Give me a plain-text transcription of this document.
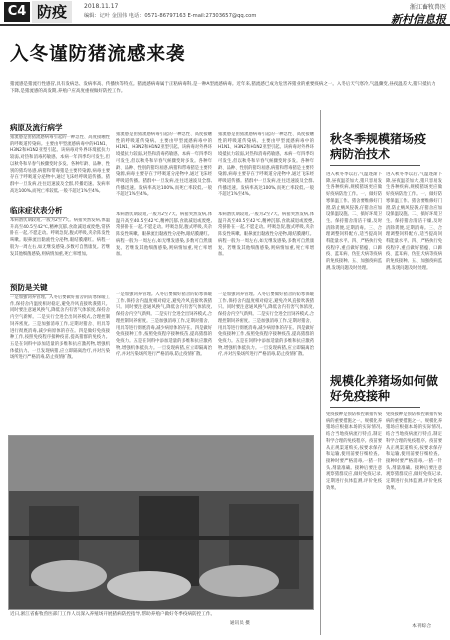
C4 防疫	2018.11.17
编辑：记叶 金国伟 电话：0571-86797163 E-mail:27303657@qq.com
浙江畜牧兽医
新村信息报
入冬谨防猪流感来袭
猪流感是猪流行性感冒,具有发病急、发病率高、传播快等特点。猪流感病毒属于正粘病毒科,是一种A型流感病毒。近年来,猪流感已成为危害养猪业的重要疫病之一。入冬后天气寒冷,气温骤变,昼夜温差大,猪只抵抗力下降,是猪流感的高发期,养殖户应高度重视做好防控工作。
病原及流行病学
猪流感是由猪流感病毒引起的一种急性、高度接触性的呼吸道传染病。主要由甲型流感病毒中的H1N1、H3N2和H1N2亚型引起。该病毒对外界环境抵抗力较弱,对热和消毒药敏感。本病一年四季均可发生,但以秋冬和早春气候骤变时多发。各种年龄、品种、性别的猪均易感,病猪和带毒猪是主要传染源,病毒主要存在于呼吸道分泌物中,通过飞沫经呼吸道传播。猪群中一旦发病,往往迅速波及全群,传播迅速。发病率高达100%,而死亡率较低,一般不超过1%至4%。
猪流感是由猪流感病毒引起的一种急性、高度接触性的呼吸道传染病。主要由甲型流感病毒中的H1N1、H3N2和H1N2亚型引起。该病毒对外界环境抵抗力较弱,对热和消毒药敏感。本病一年四季均可发生,但以秋冬和早春气候骤变时多发。各种年龄、品种、性别的猪均易感,病猪和带毒猪是主要传染源,病毒主要存在于呼吸道分泌物中,通过飞沫经呼吸道传播。猪群中一旦发病,往往迅速波及全群,传播迅速。发病率高达100%,而死亡率较低,一般不超过1%至4%。
猪流感是由猪流感病毒引起的一种急性、高度接触性的呼吸道传染病。主要由甲型流感病毒中的H1N1、H3N2和H1N2亚型引起。该病毒对外界环境抵抗力较弱,对热和消毒药敏感。本病一年四季均可发生,但以秋冬和早春气候骤变时多发。各种年龄、品种、性别的猪均易感,病猪和带毒猪是主要传染源,病毒主要存在于呼吸道分泌物中,通过飞沫经呼吸道传播。猪群中一旦发病,往往迅速波及全群,传播迅速。发病率高达100%,而死亡率较低,一般不超过1%至4%。
临床症状表分析
本病潜伏期较短,一般为2至7天。病猪突然发病,体温升高至40.5至42℃,精神沉郁,食欲减退或废绝,常挤卧在一起,不愿走动。呼吸急促,腹式呼吸,夹杂阵发性咳嗽。眼鼻流出黏液性分泌物,眼结膜潮红。病程一般为一周左右,如无继发感染,多数可自然康复。若继发其他细菌感染,则病情加重,死亡率增加。
本病潜伏期较短,一般为2至7天。病猪突然发病,体温升高至40.5至42℃,精神沉郁,食欲减退或废绝,常挤卧在一起,不愿走动。呼吸急促,腹式呼吸,夹杂阵发性咳嗽。眼鼻流出黏液性分泌物,眼结膜潮红。病程一般为一周左右,如无继发感染,多数可自然康复。若继发其他细菌感染,则病情加重,死亡率增加。
本病潜伏期较短,一般为2至7天。病猪突然发病,体温升高至40.5至42℃,精神沉郁,食欲减退或废绝,常挤卧在一起,不愿走动。呼吸急促,腹式呼吸,夹杂阵发性咳嗽。眼鼻流出黏液性分泌物,眼结膜潮红。病程一般为一周左右,如无继发感染,多数可自然康复。若继发其他细菌感染,则病情加重,死亡率增加。
预防是关键
一是加强饲养管理。入冬后要做好猪舍的防寒保暖工作,保持舍内温度相对稳定,避免冷风直接吹袭猪只。同时要注意通风换气,降低舍内有害气体浓度,保持舍内空气新鲜。二是实行全进全出饲养模式,合理控制饲养密度。三是加强消毒工作,定期对猪舍、用具等进行彻底消毒,减少病原体的存在。四是做好免疫接种工作,按照免疫程序接种疫苗,提高猪群的免疫力。五是在饲料中添加适量的多维和抗应激药物,增强机体抵抗力。一旦发现病猪,应立即隔离治疗,并对污染场所进行严格消毒,防止疫情扩散。
一是加强饲养管理。入冬后要做好猪舍的防寒保暖工作,保持舍内温度相对稳定,避免冷风直接吹袭猪只。同时要注意通风换气,降低舍内有害气体浓度,保持舍内空气新鲜。二是实行全进全出饲养模式,合理控制饲养密度。三是加强消毒工作,定期对猪舍、用具等进行彻底消毒,减少病原体的存在。四是做好免疫接种工作,按照免疫程序接种疫苗,提高猪群的免疫力。五是在饲料中添加适量的多维和抗应激药物,增强机体抵抗力。一旦发现病猪,应立即隔离治疗,并对污染场所进行严格消毒,防止疫情扩散。
一是加强饲养管理。入冬后要做好猪舍的防寒保暖工作,保持舍内温度相对稳定,避免冷风直接吹袭猪只。同时要注意通风换气,降低舍内有害气体浓度,保持舍内空气新鲜。二是实行全进全出饲养模式,合理控制饲养密度。三是加强消毒工作,定期对猪舍、用具等进行彻底消毒,减少病原体的存在。四是做好免疫接种工作,按照免疫程序接种疫苗,提高猪群的免疫力。五是在饲料中添加适量的多维和抗应激药物,增强机体抵抗力。一旦发现病猪,应立即隔离治疗,并对污染场所进行严格消毒,防止疫情扩散。
近日,浙江省畜牧兽医部门工作人员深入养殖场开展猪病防控指导,帮助养殖户做好冬季疫病防控工作。
通讯员 摄
秋冬季规模猪场疫病防治技术
进入秋冬季以后,气温逐渐下降,昼夜温差加大,猪只容易发生各种疾病,规模猪场更应做好疫病防治工作。一、做好防寒保温工作。猪舍要维修好门窗,防止贼风侵袭,仔猪舍应加设保温设施。二、搞好环境卫生。保持猪舍清洁干燥,及时清除粪便,定期消毒。三、合理调整饲料配方,适当提高饲料能量水平。四、严格执行免疫程序,重点做好猪瘟、口蹄疫、蓝耳病、伪狂犬病等疫病的免疫接种。五、加强疫病监测,发现问题及时处理。
进入秋冬季以后,气温逐渐下降,昼夜温差加大,猪只容易发生各种疾病,规模猪场更应做好疫病防治工作。一、做好防寒保温工作。猪舍要维修好门窗,防止贼风侵袭,仔猪舍应加设保温设施。二、搞好环境卫生。保持猪舍清洁干燥,及时清除粪便,定期消毒。三、合理调整饲料配方,适当提高饲料能量水平。四、严格执行免疫程序,重点做好猪瘟、口蹄疫、蓝耳病、伪狂犬病等疫病的免疫接种。五、加强疫病监测,发现问题及时处理。
规模化养猪场如何做好免疫接种
免疫接种是预防和控制猪传染病的重要措施之一。规模化养猪场应根据本场的实际情况,结合当地疫病流行特点,制定科学合理的免疫程序。疫苗要从正规渠道购买,按要求保存和运输,使用前要仔细检查。接种时要严格消毒,一猪一针头,剂量准确。接种后要注意观察猪群反应,做好免疫记录,定期进行抗体监测,评价免疫效果。
免疫接种是预防和控制猪传染病的重要措施之一。规模化养猪场应根据本场的实际情况,结合当地疫病流行特点,制定科学合理的免疫程序。疫苗要从正规渠道购买,按要求保存和运输,使用前要仔细检查。接种时要严格消毒,一猪一针头,剂量准确。接种后要注意观察猪群反应,做好免疫记录,定期进行抗体监测,评价免疫效果。
本刊综合
